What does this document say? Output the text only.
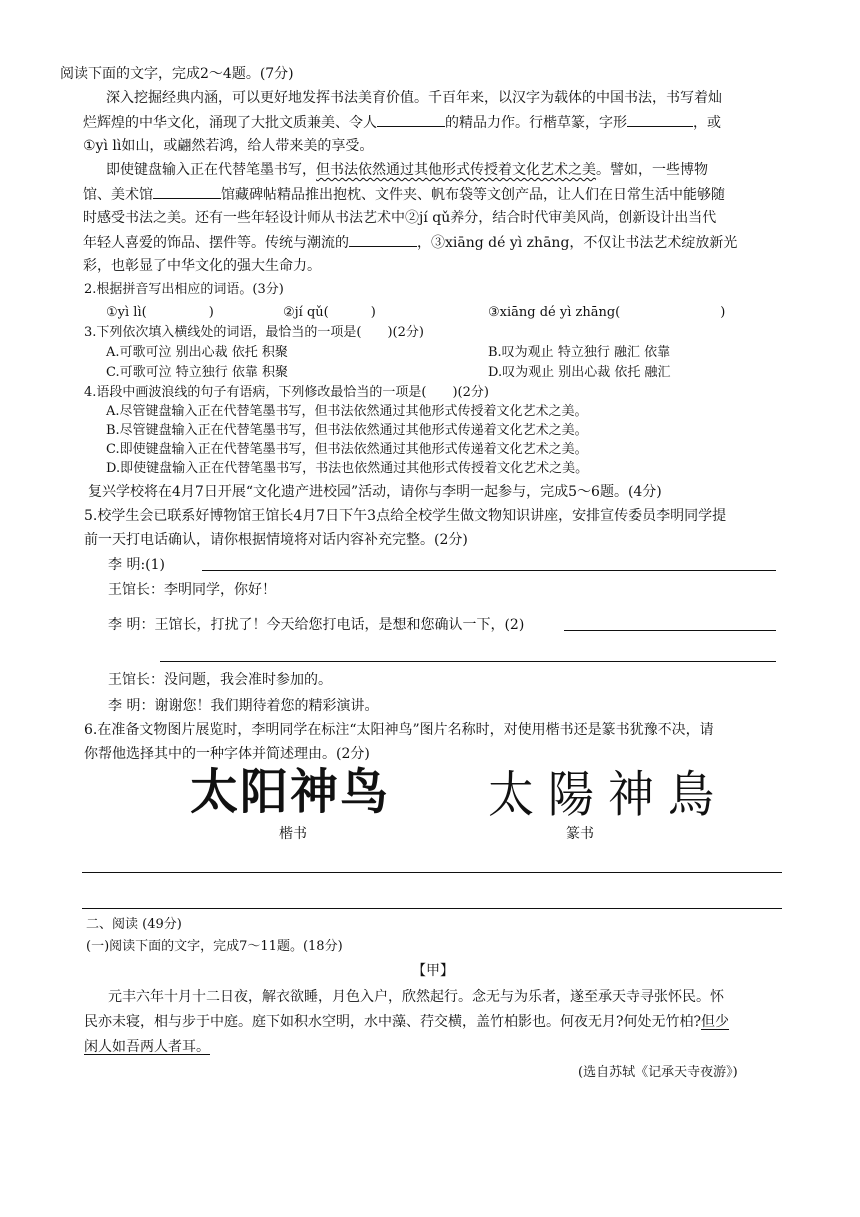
阅读下面的文字，完成2～4题。(7分)
深入挖掘经典内涵，可以更好地发挥书法美育价值。千百年来，以汉字为载体的中国书法，书写着灿
烂辉煌的中华文化，涌现了大批文质兼美、令人	的精品力作。行楷草篆，字形	，或
①yì lì如山，或翩然若鸿，给人带来美的享受。
即使键盘输入正在代替笔墨书写，但书法依然通过其他形式传授着文化艺术之美。譬如，一些博物
馆、美术馆	馆藏碑帖精品推出抱枕、文件夹、帆布袋等文创产品，让人们在日常生活中能够随
时感受书法之美。还有一些年轻设计师从书法艺术中②jí qǔ养分，结合时代审美风尚，创新设计出当代
年轻人喜爱的饰品、摆件等。传统与潮流的	，③xiāng dé yì zhāng，不仅让书法艺术绽放新光
彩，也彰显了中华文化的强大生命力。
2.根据拼音写出相应的词语。(3分)
①yì lì(	)	②jí qǔ(	)	③xiāng dé yì zhāng(	)
3.下列依次填入横线处的词语，最恰当的一项是(　　)(2分)
A.可歌可泣 别出心裁 依托 积聚	B.叹为观止 特立独行 融汇 依靠
C.可歌可泣 特立独行 依靠 积聚	D.叹为观止 别出心裁 依托 融汇
4.语段中画波浪线的句子有语病，下列修改最恰当的一项是(　　)(2分)
A.尽管键盘输入正在代替笔墨书写，但书法依然通过其他形式传授着文化艺术之美。
B.尽管键盘输入正在代替笔墨书写，但书法依然通过其他形式传递着文化艺术之美。
C.即使键盘输入正在代替笔墨书写，但书法依然通过其他形式传递着文化艺术之美。
D.即使键盘输入正在代替笔墨书写，书法也依然通过其他形式传授着文化艺术之美。
复兴学校将在4月7日开展“文化遗产进校园”活动，请你与李明一起参与，完成5～6题。(4分)
5.校学生会已联系好博物馆王馆长4月7日下午3点给全校学生做文物知识讲座，安排宣传委员李明同学提
前一天打电话确认，请你根据情境将对话内容补充完整。(2分)
李 明:(1)
王馆长：李明同学，你好！
李 明：王馆长，打扰了！今天给您打电话，是想和您确认一下，(2)
王馆长：没问题，我会准时参加的。
李 明：谢谢您！我们期待着您的精彩演讲。
6.在准备文物图片展览时，李明同学在标注“太阳神鸟”图片名称时，对使用楷书还是篆书犹豫不决，请
你帮他选择其中的一种字体并简述理由。(2分)
太阳神鸟 太陽神鳥
楷书	篆书
二、阅读 (49分)
(一)阅读下面的文字，完成7～11题。(18分)
【甲】
元丰六年十月十二日夜，解衣欲睡，月色入户，欣然起行。念无与为乐者，遂至承天寺寻张怀民。怀
民亦未寝，相与步于中庭。庭下如积水空明，水中藻、荇交横，盖竹柏影也。何夜无月?何处无竹柏?但少
闲人如吾两人者耳。
(选自苏轼《记承天寺夜游》)
